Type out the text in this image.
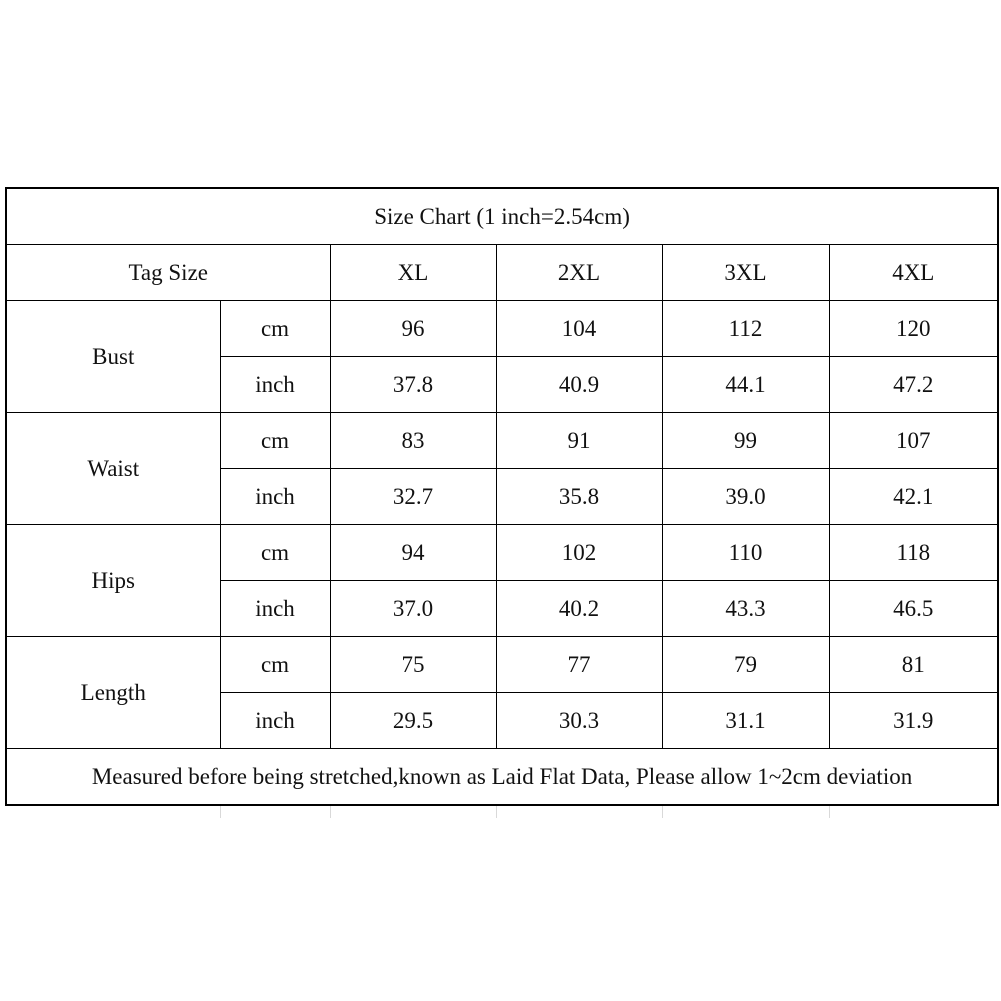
Size Chart (1 inch=2.54cm)					
Tag Size		XL	2XL	3XL	4XL
Bust	cm	96	104	112	120
	inch	37.8	40.9	44.1	47.2
Waist	cm	83	91	99	107
	inch	32.7	35.8	39.0	42.1
Hips	cm	94	102	110	118
	inch	37.0	40.2	43.3	46.5
Length	cm	75	77	79	81
	inch	29.5	30.3	31.1	31.9
Measured before being stretched,known as Laid Flat Data, Please allow 1~2cm deviation					
